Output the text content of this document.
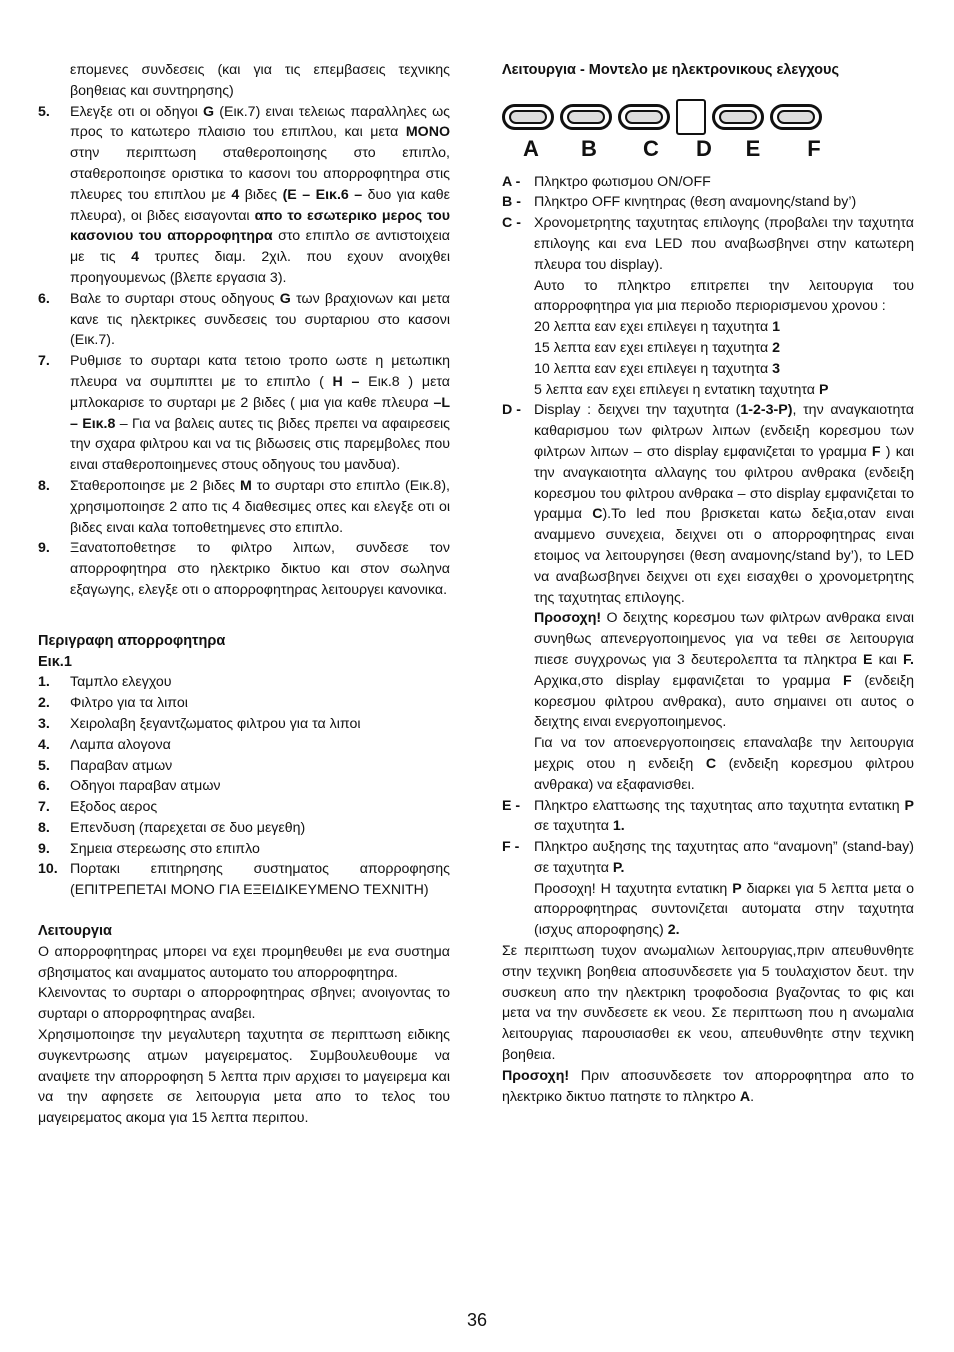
επομενες συνδεσεις (και για τις επεμβασεις τεχνικης βοηθειας και συντηρησης)

5.	Ελεγξε οτι οι οδηγοι G (Εικ.7) ειναι τελειως παραλληλες ως προς το κατωτερο πλαισιο του επιπλου, και μετα ΜΟΝΟ στην περιπτωση σταθεροποιησης στο επιπλο, σταθεροποιησε οριστικα το κασονι του απορροφητηρα στις πλευρες του επιπλου με 4 βιδες (E – Εικ.6 – δυο για καθε πλευρα), οι βιδες εισαγονται απο το εσωτερικο μερος του κασονιου του απορροφητηρα στο επιπλο σε αντιστοιχεια με τις 4 τρυπες διαμ. 2χιλ. που εχουν ανοιχθει προηγουμενως (βλεπε εργασια 3).

6.	Βαλε το συρταρι στους οδηγους G των βραχιονων και μετα κανε τις ηλεκτρικες συνδεσεις του συρταριου στο κασονι (Εικ.7).

7.	Ρυθμισε το συρταρι κατα τετοιο τροπο ωστε η μετωπικη πλευρα να συμπιπτει με το επιπλο ( H – Εικ.8 ) μετα μπλοκαρισε το συρταρι με 2 βιδες ( μια για καθε πλευρα –L – Εικ.8 – Για να βαλεις αυτες τις βιδες πρεπει να αφαιρεσεις την σχαρα φιλτρου και να τις βιδωσεις στις παρεμβολες που ειναι σταθεροποιημενες στους οδηγους του μανδυα).

8.	Σταθεροποιησε με 2 βιδες M το συρταρι στο επιπλο (Εικ.8), χρησιμοποιησε 2 απο τις 4 διαθεσιμες οπες και ελεγξε οτι οι βιδες ειναι καλα τοποθετημενες στο επιπλο.

9.	Ξανατοποθετησε το φιλτρο λιπων, συνδεσε τον απορροφητηρα στο ηλεκτρικο δικτυο και στον σωληνα εξαγωγης, ελεγξε οτι ο απορροφητηρας λειτουργει κανονικα.

Περιγραφη απορροφητηρα
Εικ.1
1.	Ταμπλο ελεγχου
2.	Φιλτρο για τα λιποι
3.	Χειρολαβη ξεγαντζωματος φιλτρου για τα λιποι
4.	Λαμπα αλογονα
5.	Παραβαν ατμων
6.	Οδηγοι παραβαν ατμων
7.	Εξοδος αερος
8.	Επενδυση (παρεχεται σε δυο μεγεθη)
9.	Σημεια στερεωσης στο επιπλο
10. Πορτακι επιτηρησης συστηματος απορροφησης (ΕΠΙΤΡΕΠΕΤΑΙ ΜΟΝΟ ΓΙΑ ΕΞΕΙΔΙΚΕΥΜΕΝΟ ΤΕΧΝΙΤΗ)

Λειτουργια

Ο απορροφητηρας μπορει να εχει προμηθευθει με ενα συστημα σβησιματος και αναμματος αυτοματο του απορροφητηρα.

Κλεινοντας το συρταρι ο απορροφητηρας σβηνει; ανοιγοντας το συρταρι ο απορροφητηρας αναβει.

Χρησιμοποιησε την μεγαλυτερη ταχυτητα σε περιπτωση ειδικης συγκεντρωσης ατμων μαγειρεματος. Συμβουλευθουμε να αναψετε την απορροφηση 5 λεπτα πριν αρχισει το μαγειρεμα και να την αφησετε σε λειτουργια μετα απο το τελος του μαγειρεματος ακομα για 15 λεπτα περιπου.

Λειτουργια - Μοντελο με ηλεκτρονικους ελεγχους
A	B	C	D	E	F
A - Πληκτρο φωτισμου ON/OFF

B - Πληκτρο OFF κινητηρας (θεση αναμονης/stand by’)

C - Χρονομετρητης ταχυτητας επιλογης (προβαλει την ταχυτητα επιλογης και ενα LED που αναβωσβηνει στην κατωτερη πλευρα του display).

Αυτο το πληκτρο επιτρεπει την λειτουργια του απορροφητηρα για μια περιοδο περιορισμενου χρονου :

20 λεπτα εαν εχει επιλεγει η ταχυτητα 1

15 λεπτα εαν εχει επιλεγει η ταχυτητα 2

10 λεπτα εαν εχει επιλεγει η ταχυτητα 3

5 λεπτα εαν εχει επιλεγει η εντατικη ταχυτητα P

D - Display : δειχνει την ταχυτητα (1-2-3-P), την αναγκαιοτητα καθαρισμου των φιλτρων λιπων (ενδειξη κορεσμου των φιλτρων λιπων – στο display εμφανιζεται το γραμμα F ) και την αναγκαιοτητα αλλαγης του φιλτρου ανθρακα (ενδειξη κορεσμου του φιλτρου ανθρακα – στο display εμφανιζεται το γραμμα C).Το led που βρισκεται κατω δεξια,οταν ειναι αναμμενο συνεχεια, δειχνει οτι ο απορροφητηρας ειναι ετοιμος να λειτουργησει (θεση αναμονης/stand by’), το LED να αναβωσβηνει δειχνει οτι εχει εισαχθει ο χρονομετρητης της ταχυτητας επιλογης.

Προσοχη! Ο δειχτης κορεσμου των φιλτρων ανθρακα ειναι συνηθως απενεργοποιημενος για να τεθει σε λειτουργια πιεσε συγχρονως για 3 δευτερολεπτα τα πληκτρα E και F. Αρχικα,στο display εμφανιζεται το γραμμα F (ενδειξη κορεσμου φιλτρου ανθρακα), αυτο σημαινει οτι αυτος ο δειχτης ειναι ενεργοποιημενος.

Για να τον αποενεργοποιησεις επαναλαβε την λειτουργια μεχρις οτου η ενδειξη C (ενδειξη κορεσμου φιλτρου ανθρακα) να εξαφανισθει.

E - Πληκτρο ελαττωσης της ταχυτητας απο ταχυτητα εντατικη P σε ταχυτητα 1.

F -	Πληκτρο αυξησης της ταχυτητας απο “αναμονη” (stand-bay) σε ταχυτητα P.

Προσοχη! Η ταχυτητα εντατικη P διαρκει για 5 λεπτα μετα ο απορροφητηρας συντονιζεται αυτοματα στην ταχυτητα (ισχυς απoροφησης) 2.

Σε περιπτωση τυχον ανωμαλιων λειτουργιας,πριν απευθυνθητε στην τεχνικη βοηθεια αποσυνδεσετε για 5 τουλαχιστον δευτ. την συσκευη απο την ηλεκτρικη τροφοδοσια βγαζοντας το φις και μετα να την συνδεσετε εκ νεου. Σε περιπτωση που η ανωμαλια λειτουργιας παρουσιασθει εκ νεου, απευθυνθητε στην τεχνικη βοηθεια.

Προσοχη! Πριν αποσυνδεσετε τον απορροφητηρα απο το ηλεκτρικο δικτυο πατηστε το πληκτρο A.

36
